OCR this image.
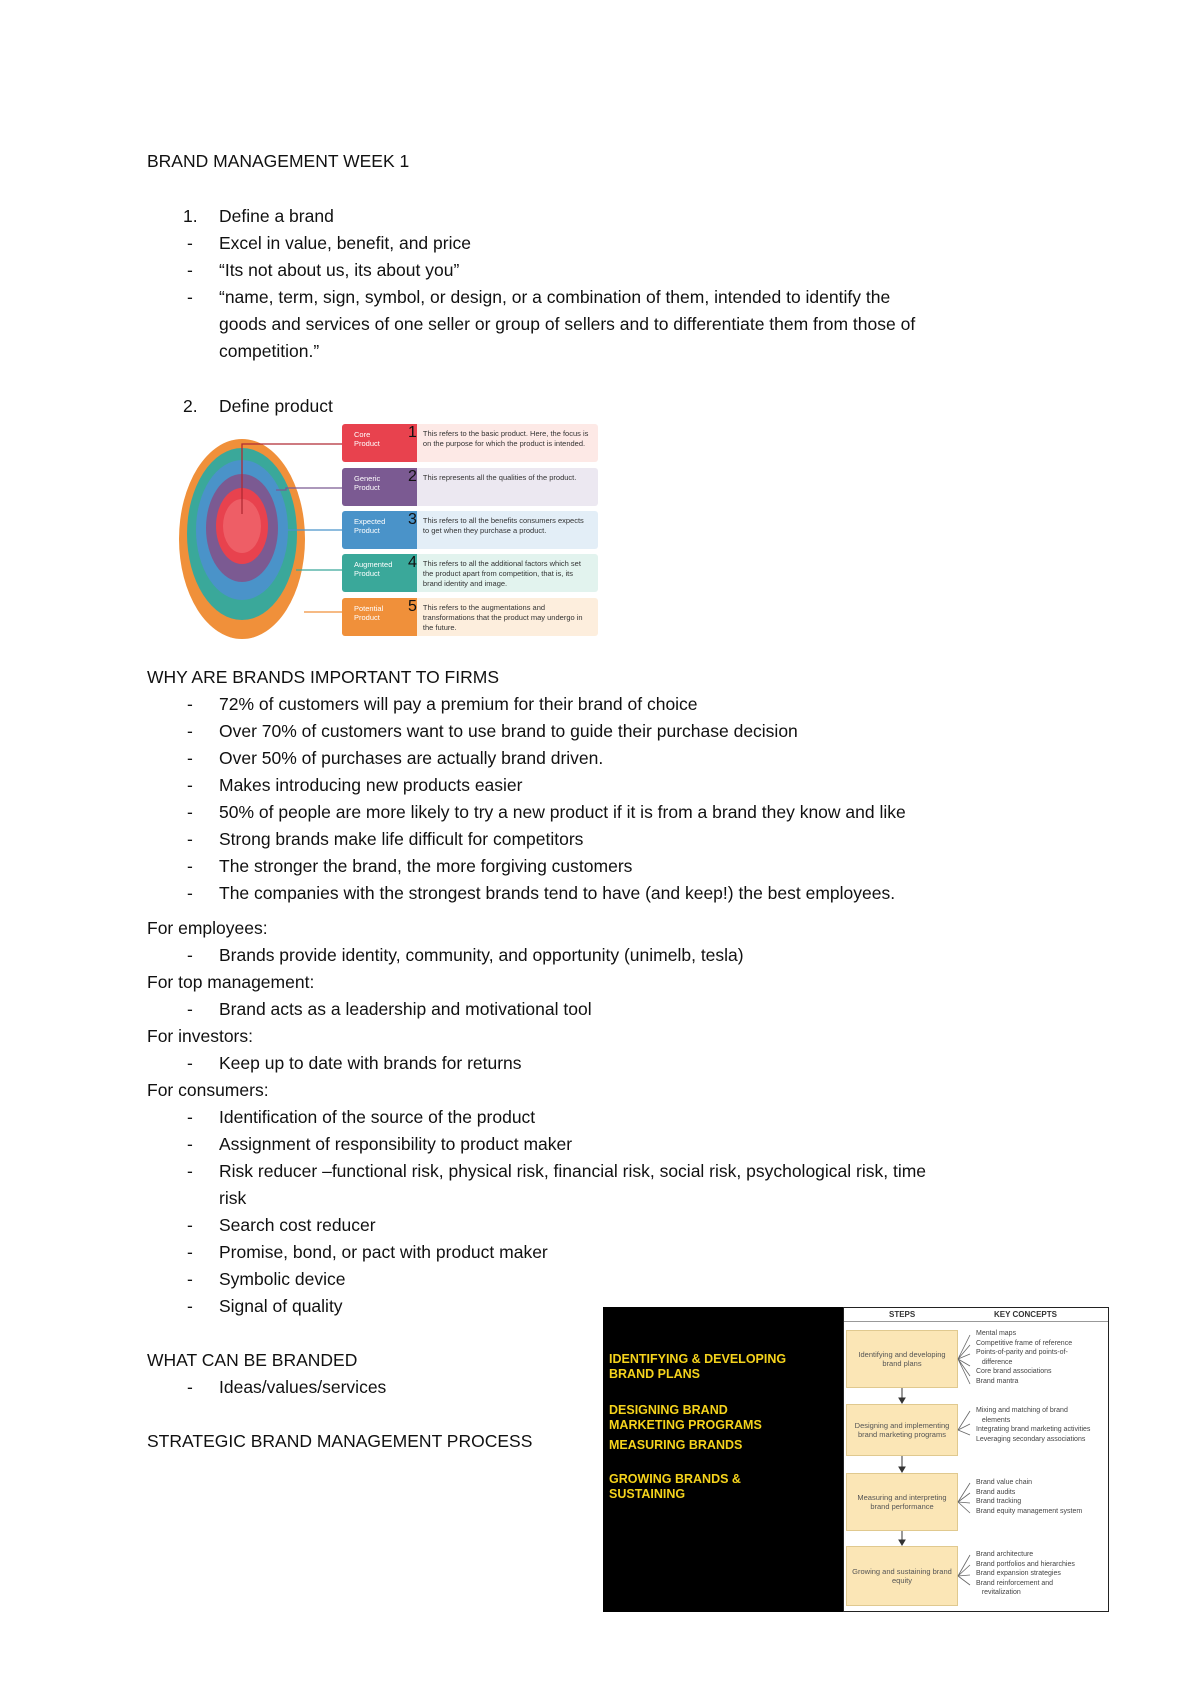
BRAND MANAGEMENT WEEK 1
1. Define a brand
- Excel in value, benefit, and price
- “Its not about us, its about you”
- “name, term, sign, symbol, or design, or a combination of them, intended to identify the
goods and services of one seller or group of sellers and to differentiate them from those of
competition.”
2. Define product
Core
Product
1 This refers to the basic product. Here, the focus is on the purpose for which the product is intended.
Generic
Product
2 This represents all the qualities of the product.
Expected
Product
3 This refers to all the benefits consumers expects to get when they purchase a product.
Augmented
Product
4 This refers to all the additional factors which set the product apart from competition, that is, its brand identity and image.
Potential
Product
5 This refers to the augmentations and transformations that the product may undergo in the future.
WHY ARE BRANDS IMPORTANT TO FIRMS
- 72% of customers will pay a premium for their brand of choice
- Over 70% of customers want to use brand to guide their purchase decision
- Over 50% of purchases are actually brand driven.
- Makes introducing new products easier
- 50% of people are more likely to try a new product if it is from a brand they know and like
- Strong brands make life difficult for competitors
- The stronger the brand, the more forgiving customers
- The companies with the strongest brands tend to have (and keep!) the best employees.
For employees:
- Brands provide identity, community, and opportunity (unimelb, tesla)
For top management:
- Brand acts as a leadership and motivational tool
For investors:
- Keep up to date with brands for returns
For consumers:
- Identification of the source of the product
- Assignment of responsibility to product maker
- Risk reducer –functional risk, physical risk, financial risk, social risk, psychological risk, time
risk
- Search cost reducer
- Promise, bond, or pact with product maker
- Symbolic device
- Signal of quality
WHAT CAN BE BRANDED
- Ideas/values/services
STRATEGIC BRAND MANAGEMENT PROCESS
IDENTIFYING & DEVELOPING
BRAND PLANS
DESIGNING BRAND
MARKETING PROGRAMS
MEASURING BRANDS
GROWING BRANDS &
SUSTAINING
STEPS	KEY CONCEPTS
Identifying and developing brand plans
Designing and implementing brand marketing programs
Measuring and interpreting brand performance
Growing and sustaining brand equity
Mental maps
Competitive frame of reference
Points-of-parity and points-of-
difference
Core brand associations
Brand mantra
Mixing and matching of brand
elements
Integrating brand marketing activities
Leveraging secondary associations
Brand value chain
Brand audits
Brand tracking
Brand equity management system
Brand architecture
Brand portfolios and hierarchies
Brand expansion strategies
Brand reinforcement and
revitalization
